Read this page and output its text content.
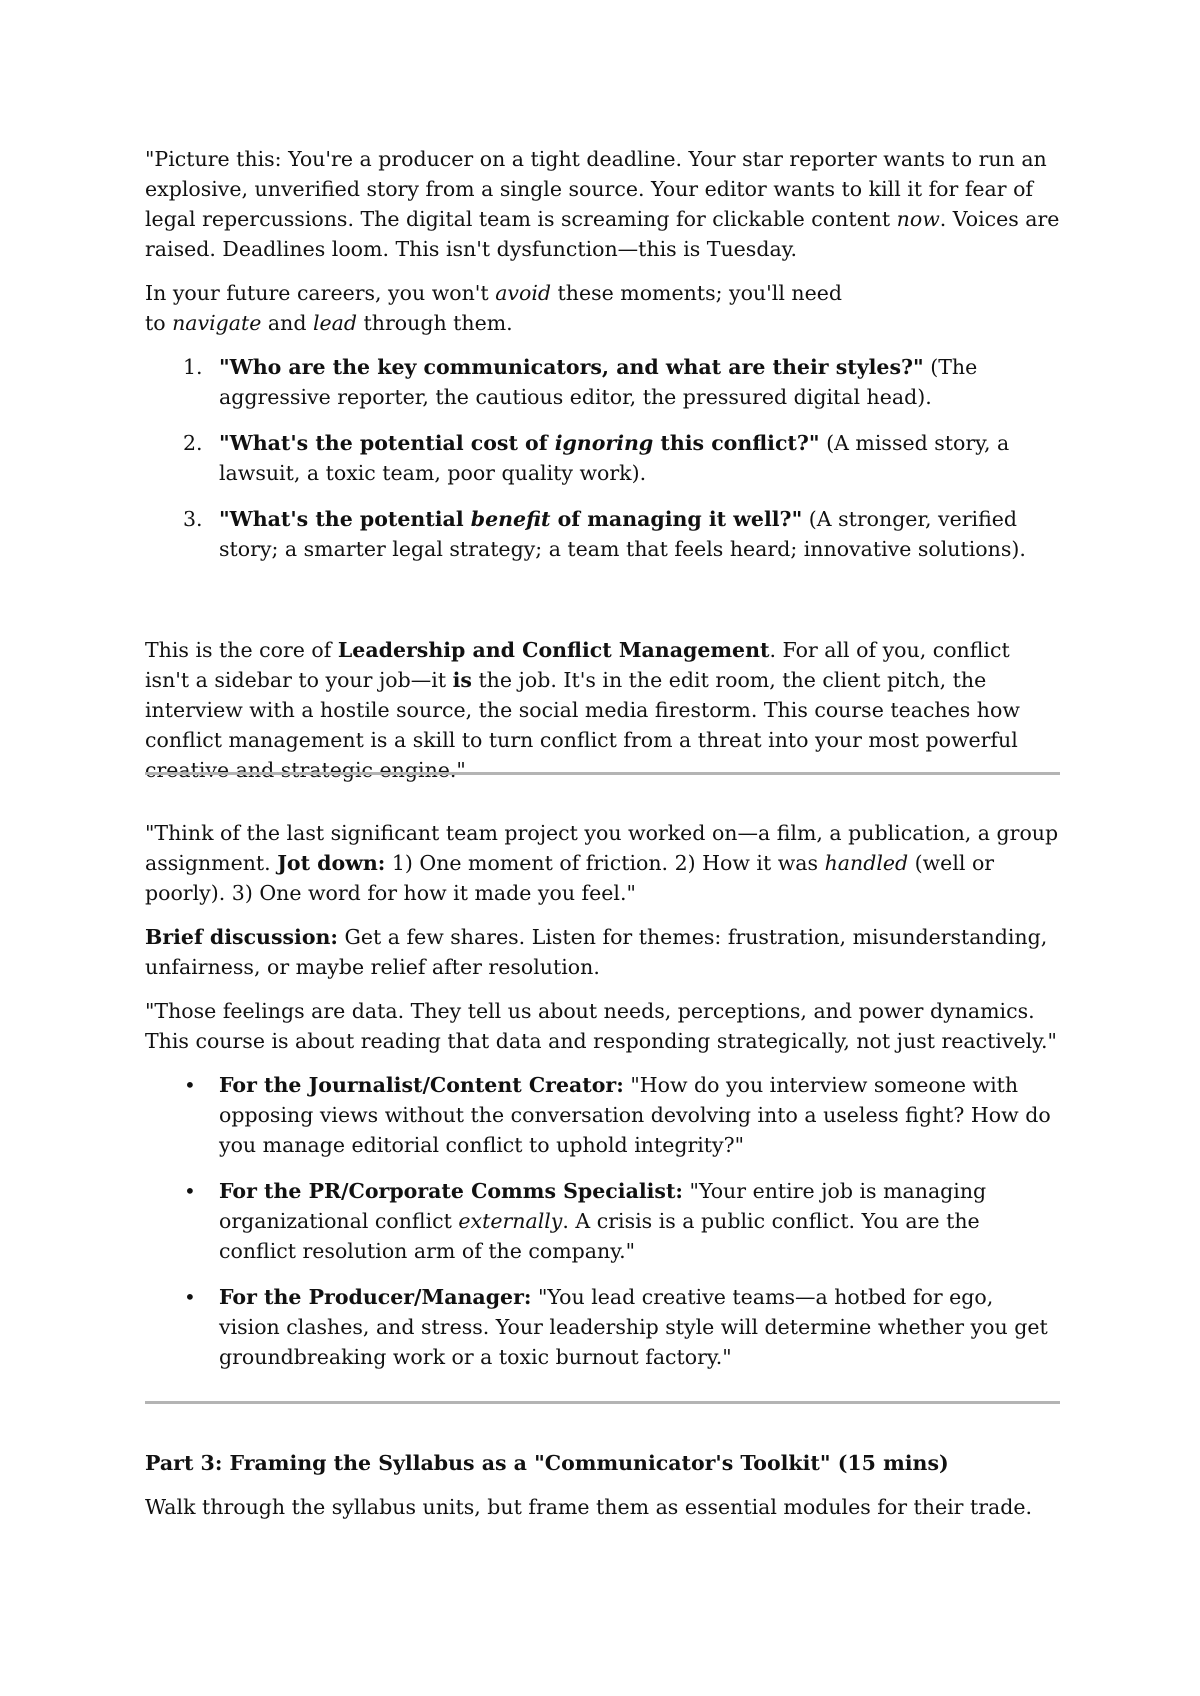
"Picture this: You're a producer on a tight deadline. Your star reporter wants to run an explosive, unverified story from a single source. Your editor wants to kill it for fear of legal repercussions. The digital team is screaming for clickable content now. Voices are raised. Deadlines loom. This isn't dysfunction—this is Tuesday.

In your future careers, you won't avoid these moments; you'll need
to navigate and lead through them.

1. "Who are the key communicators, and what are their styles?" (The aggressive reporter, the cautious editor, the pressured digital head).
2. "What's the potential cost of ignoring this conflict?" (A missed story, a lawsuit, a toxic team, poor quality work).
3. "What's the potential benefit of managing it well?" (A stronger, verified story; a smarter legal strategy; a team that feels heard; innovative solutions).

This is the core of Leadership and Conflict Management. For all of you, conflict isn't a sidebar to your job—it is the job. It's in the edit room, the client pitch, the interview with a hostile source, the social media firestorm. This course teaches how conflict management is a skill to turn conflict from a threat into your most powerful creative and strategic engine."

"Think of the last significant team project you worked on—a film, a publication, a group assignment. Jot down: 1) One moment of friction. 2) How it was handled (well or poorly). 3) One word for how it made you feel."

Brief discussion: Get a few shares. Listen for themes: frustration, misunderstanding, unfairness, or maybe relief after resolution.

"Those feelings are data. They tell us about needs, perceptions, and power dynamics. This course is about reading that data and responding strategically, not just reactively."

• For the Journalist/Content Creator: "How do you interview someone with opposing views without the conversation devolving into a useless fight? How do you manage editorial conflict to uphold integrity?"
• For the PR/Corporate Comms Specialist: "Your entire job is managing organizational conflict externally. A crisis is a public conflict. You are the conflict resolution arm of the company."
• For the Producer/Manager: "You lead creative teams—a hotbed for ego, vision clashes, and stress. Your leadership style will determine whether you get groundbreaking work or a toxic burnout factory."

Part 3: Framing the Syllabus as a "Communicator's Toolkit" (15 mins)

Walk through the syllabus units, but frame them as essential modules for their trade.
